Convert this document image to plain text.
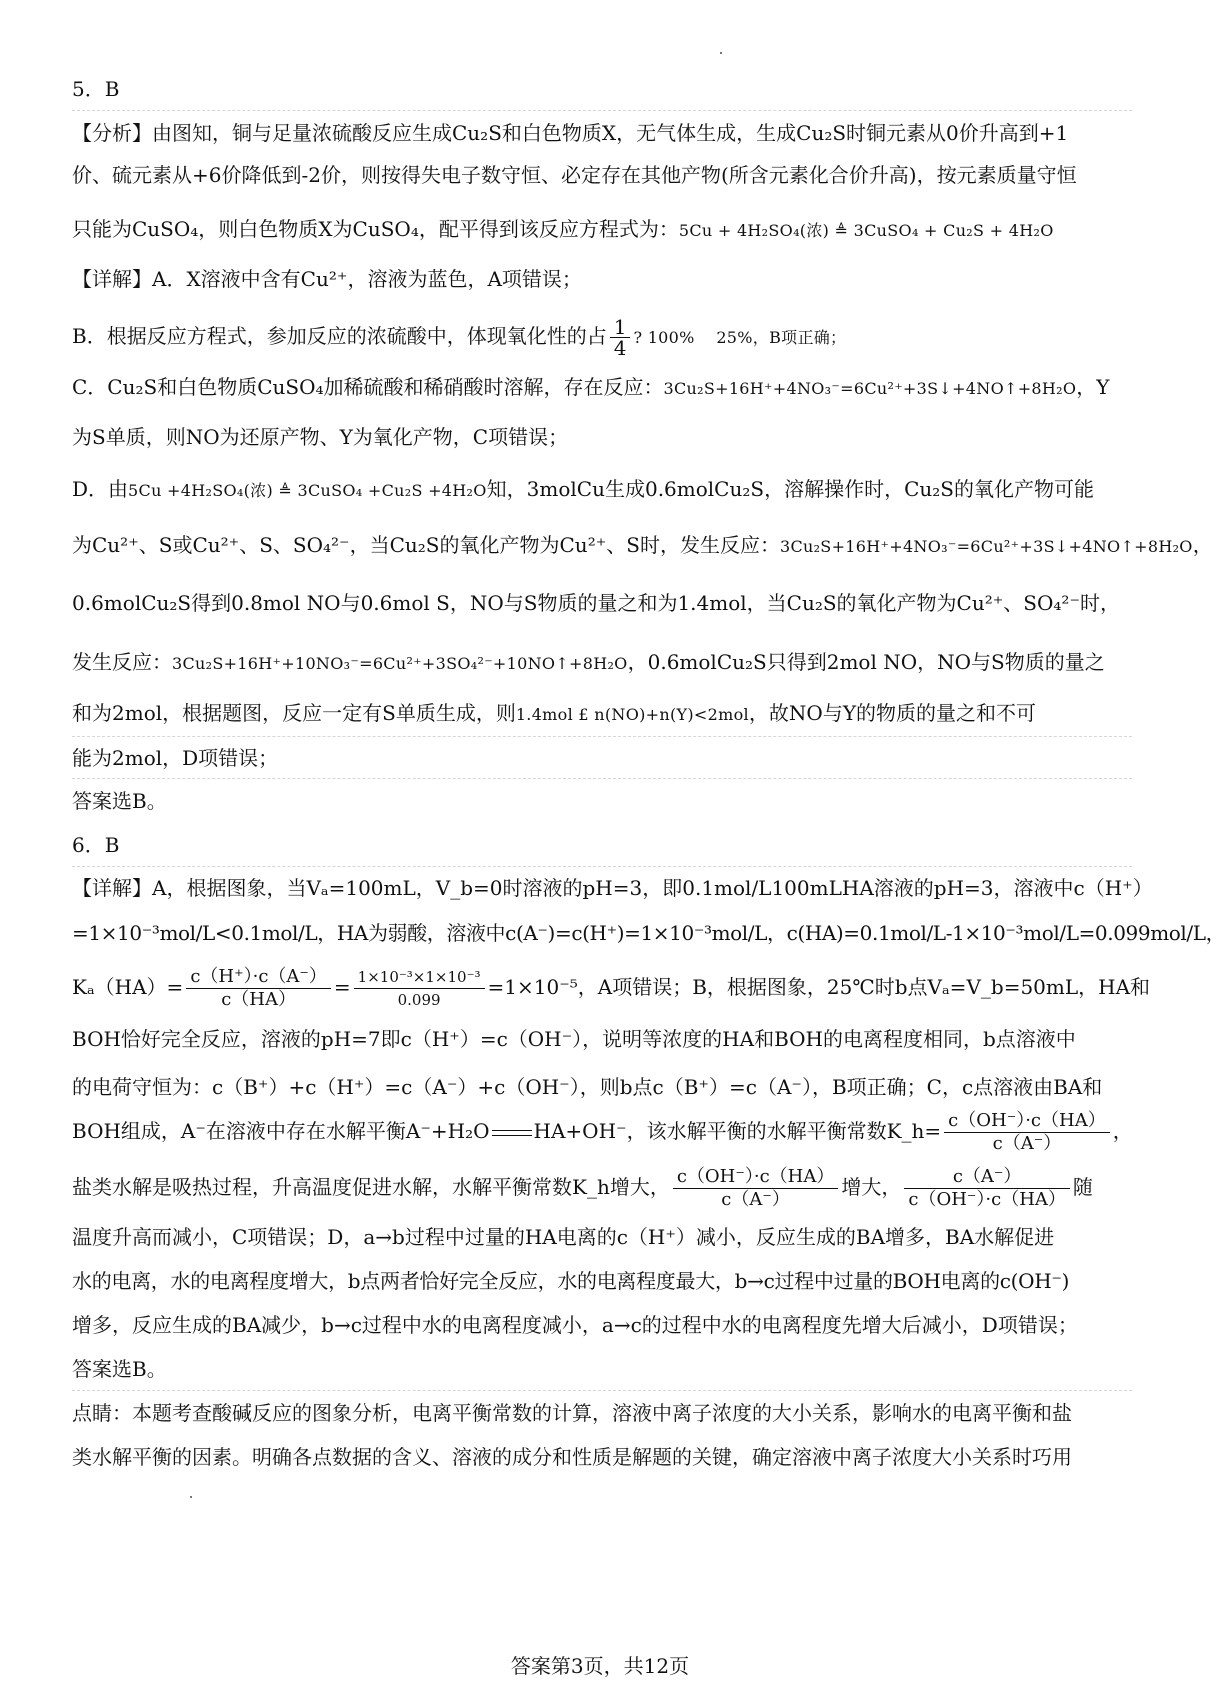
5．B
【分析】由图知，铜与足量浓硫酸反应生成Cu₂S和白色物质X，无气体生成，生成Cu₂S时铜元素从0价升高到+1
价、硫元素从+6价降低到-2价，则按得失电子数守恒、必定存在其他产物(所含元素化合价升高)，按元素质量守恒
只能为CuSO₄，则白色物质X为CuSO₄，配平得到该反应方程式为：5Cu + 4H₂SO₄(浓) ≜ 3CuSO₄ + Cu₂S + 4H₂O
【详解】A．X溶液中含有Cu²⁺，溶液为蓝色，A项错误；
B．根据反应方程式，参加反应的浓硫酸中，体现氧化性的占 $\frac{1}{4}$ ? 100%　 25%，B项正确；
C．Cu₂S和白色物质CuSO₄加稀硫酸和稀硝酸时溶解，存在反应：3Cu₂S+16H⁺+4NO₃⁻=6Cu²⁺+3S↓+4NO↑+8H₂O，Y
为S单质，则NO为还原产物、Y为氧化产物，C项错误；
D．由5Cu +4H₂SO₄(浓) ≜ 3CuSO₄ +Cu₂S +4H₂O知，3molCu生成0.6molCu₂S，溶解操作时，Cu₂S的氧化产物可能
为Cu²⁺、S或Cu²⁺、S、SO₄²⁻，当Cu₂S的氧化产物为Cu²⁺、S时，发生反应：3Cu₂S+16H⁺+4NO₃⁻=6Cu²⁺+3S↓+4NO↑+8H₂O，
0.6molCu₂S得到0.8mol NO与0.6mol S，NO与S物质的量之和为1.4mol，当Cu₂S的氧化产物为Cu²⁺、SO₄²⁻时，
发生反应：3Cu₂S+16H⁺+10NO₃⁻=6Cu²⁺+3SO₄²⁻+10NO↑+8H₂O，0.6molCu₂S只得到2mol NO，NO与S物质的量之
和为2mol，根据题图，反应一定有S单质生成，则1.4mol £ n(NO)+n(Y)<2mol，故NO与Y的物质的量之和不可
能为2mol，D项错误；
答案选B。
6．B
【详解】A，根据图象，当Vₐ=100mL，V_b=0时溶液的pH=3，即0.1mol/L100mLHA溶液的pH=3，溶液中c（H⁺）
=1×10⁻³mol/L<0.1mol/L，HA为弱酸，溶液中c(A⁻)=c(H⁺)=1×10⁻³mol/L，c(HA)=0.1mol/L-1×10⁻³mol/L=0.099mol/L，
$K_a(HA)= \frac{c(H^+)\cdot c(A^-)}{c(HA)} = \frac{\text{1×10⁻³×1×10⁻³}}{0.099} =1\times 10^{-5}$，A项错误；B，根据图象，25℃时b点Vₐ=V_b=50mL，HA和
BOH恰好完全反应，溶液的pH=7即c（H⁺）=c（OH⁻），说明等浓度的HA和BOH的电离程度相同，b点溶液中
的电荷守恒为：c（B⁺）+c（H⁺）=c（A⁻）+c（OH⁻），则b点c（B⁺）=c（A⁻），B项正确；C，c点溶液由BA和
BOH组成，A⁻在溶液中存在水解平衡A⁻+H₂O HA+OH⁻，该水解平衡的水解平衡常数K_h= $\frac{c(OH^-)\cdot c(HA)}{c(A^-)}$ ，
盐类水解是吸热过程，升高温度促进水解，水解平衡常数K_h增大， $\frac{c(OH^-)\cdot c(HA)}{c(A^-)}$ 增大， $\frac{c(A^-)}{c(OH^-)\cdot c(HA)}$ 随
温度升高而减小，C项错误；D，a→b过程中过量的HA电离的c（H⁺）减小，反应生成的BA增多，BA水解促进
水的电离，水的电离程度增大，b点两者恰好完全反应，水的电离程度最大，b→c过程中过量的BOH电离的c(OH⁻)
增多，反应生成的BA减少，b→c过程中水的电离程度减小，a→c的过程中水的电离程度先增大后减小，D项错误；
答案选B。
点睛：本题考查酸碱反应的图象分析，电离平衡常数的计算，溶液中离子浓度的大小关系，影响水的电离平衡和盐
类水解平衡的因素。明确各点数据的含义、溶液的成分和性质是解题的关键，确定溶液中离子浓度大小关系时巧用
答案第3页，共12页
